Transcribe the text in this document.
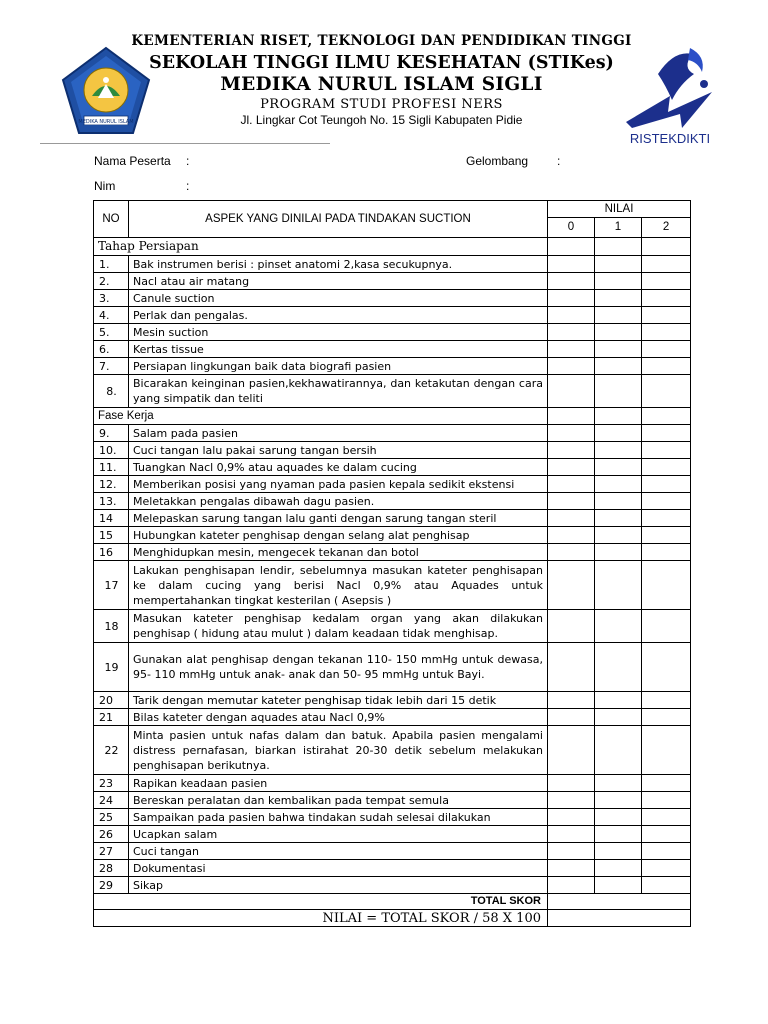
MEDIKA NURUL ISLAM
KEMENTERIAN RISET, TEKNOLOGI DAN PENDIDIKAN TINGGI
SEKOLAH TINGGI ILMU KESEHATAN (STIKes)
MEDIKA NURUL ISLAM SIGLI
PROGRAM STUDI PROFESI NERS
Jl. Lingkar Cot Teungoh No. 15 Sigli Kabupaten Pidie
RISTEKDIKTI
Nama Peserta :	Gelombang :
Nim	:
NO	ASPEK YANG DINILAI PADA TINDAKAN SUCTION	NILAI		
		0	1	2
Tahap Persiapan				
1.	Bak instrumen berisi : pinset anatomi 2,kasa secukupnya.			
2.	Nacl atau air matang			
3.	Canule suction			
4.	Perlak dan pengalas.			
5.	Mesin suction			
6.	Kertas tissue			
7.	Persiapan lingkungan baik data biografi pasien			
8.	Bicarakan keinginan pasien,kekhawatirannya, dan ketakutan dengan cara yang simpatik dan teliti			
Fase Kerja				
9.	Salam pada pasien			
10.	Cuci tangan lalu pakai sarung tangan bersih			
11.	Tuangkan Nacl 0,9% atau aquades ke dalam cucing			
12.	Memberikan posisi yang nyaman pada pasien kepala sedikit ekstensi			
13.	Meletakkan pengalas dibawah dagu pasien.			
14	Melepaskan sarung tangan lalu ganti dengan sarung tangan steril			
15	Hubungkan kateter penghisap dengan selang alat penghisap			
16	Menghidupkan mesin, mengecek tekanan dan botol			
17	Lakukan penghisapan lendir, sebelumnya masukan kateter penghisapan ke dalam cucing yang berisi Nacl 0,9% atau Aquades untuk mempertahankan tingkat kesterilan ( Asepsis )			
18	Masukan kateter penghisap kedalam organ yang akan dilakukan penghisap ( hidung atau mulut ) dalam keadaan tidak menghisap.			
19	Gunakan alat penghisap dengan tekanan 110- 150 mmHg untuk dewasa, 95- 110 mmHg untuk anak- anak dan 50- 95 mmHg untuk Bayi.			
20	Tarik dengan memutar kateter penghisap tidak lebih dari 15 detik			
21	Bilas kateter dengan aquades atau Nacl 0,9%			
22	Minta pasien untuk nafas dalam dan batuk. Apabila pasien mengalami distress pernafasan, biarkan istirahat 20-30 detik sebelum melakukan penghisapan berikutnya.			
23	Rapikan keadaan pasien			
24	Bereskan peralatan dan kembalikan pada tempat semula			
25	Sampaikan pada pasien bahwa tindakan sudah selesai dilakukan			
26	Ucapkan salam			
27	Cuci tangan			
28	Dokumentasi			
29	Sikap			
TOTAL SKOR				
NILAI = TOTAL SKOR / 58 X 100				
